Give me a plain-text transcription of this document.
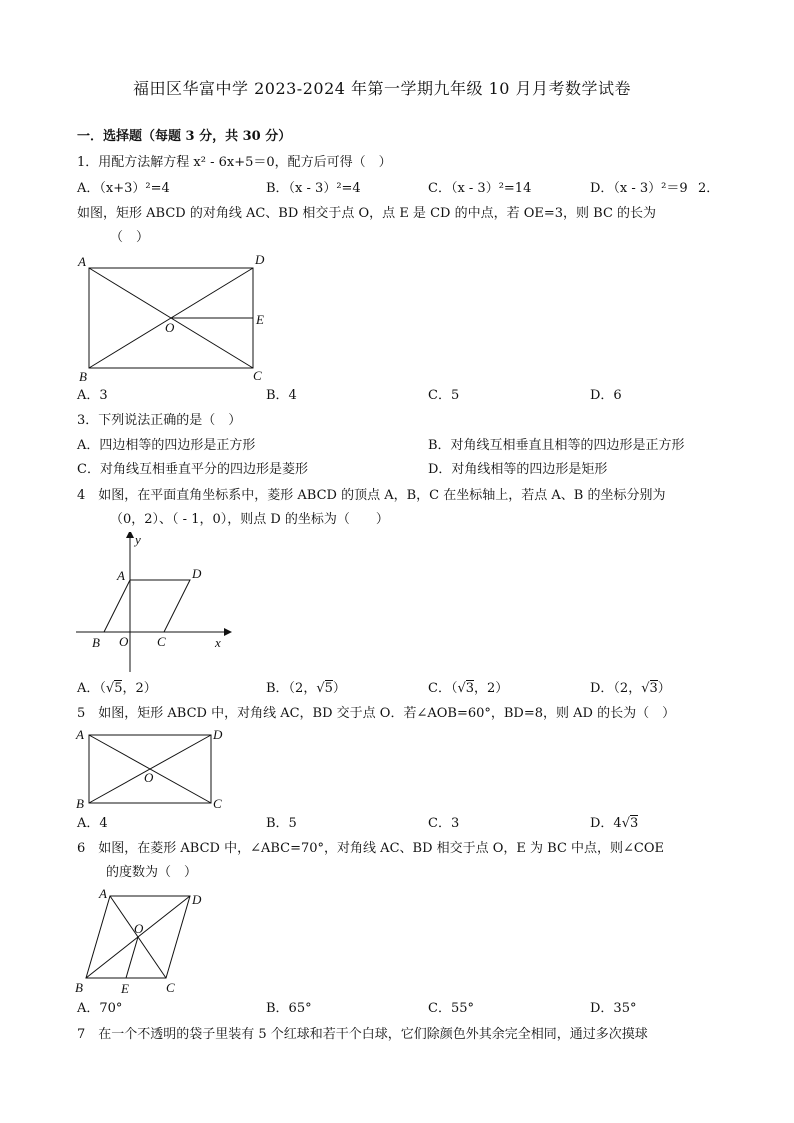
福田区华富中学 2023-2024 年第一学期九年级 10 月月考数学试卷
一．选择题（每题 3 分，共 30 分）
1．用配方法解方程 x² - 6x+5＝0，配方后可得（　）
A．（x+3）²=4	B．（x - 3）²=4	C．（x - 3）²=14	D．（x - 3）²＝9 2．
如图，矩形 ABCD 的对角线 AC、BD 相交于点 O，点 E 是 CD 的中点，若 OE=3，则 BC 的长为
（　）
A	D
B	C
O
E
A．3	B．4	C．5	D．6
3．下列说法正确的是（　）
A．四边相等的四边形是正方形	B．对角线互相垂直且相等的四边形是正方形
C．对角线互相垂直平分的四边形是菱形	D．对角线相等的四边形是矩形
4　如图，在平面直角坐标系中，菱形 ABCD 的顶点 A，B，C 在坐标轴上，若点 A、B 的坐标分别为
（0，2）、（ - 1，0），则点 D 的坐标为（　　）
y
x
A	D
B O C
A．（√5，2）	B．（2，√5）	C．（√3，2）	D．（2，√3）
5　如图，矩形 ABCD 中，对角线 AC，BD 交于点 O．若∠AOB=60°，BD=8，则 AD 的长为（　）
A	D
B	C
O
A．4	B．5	C．3	D．4√3
6　如图，在菱形 ABCD 中，∠ABC=70°，对角线 AC、BD 相交于点 O，E 为 BC 中点，则∠COE
的度数为（　）
A	D
B	C
O
E
A．70°	B．65°	C．55°	D．35°
7　在一个不透明的袋子里装有 5 个红球和若干个白球，它们除颜色外其余完全相同，通过多次摸球
